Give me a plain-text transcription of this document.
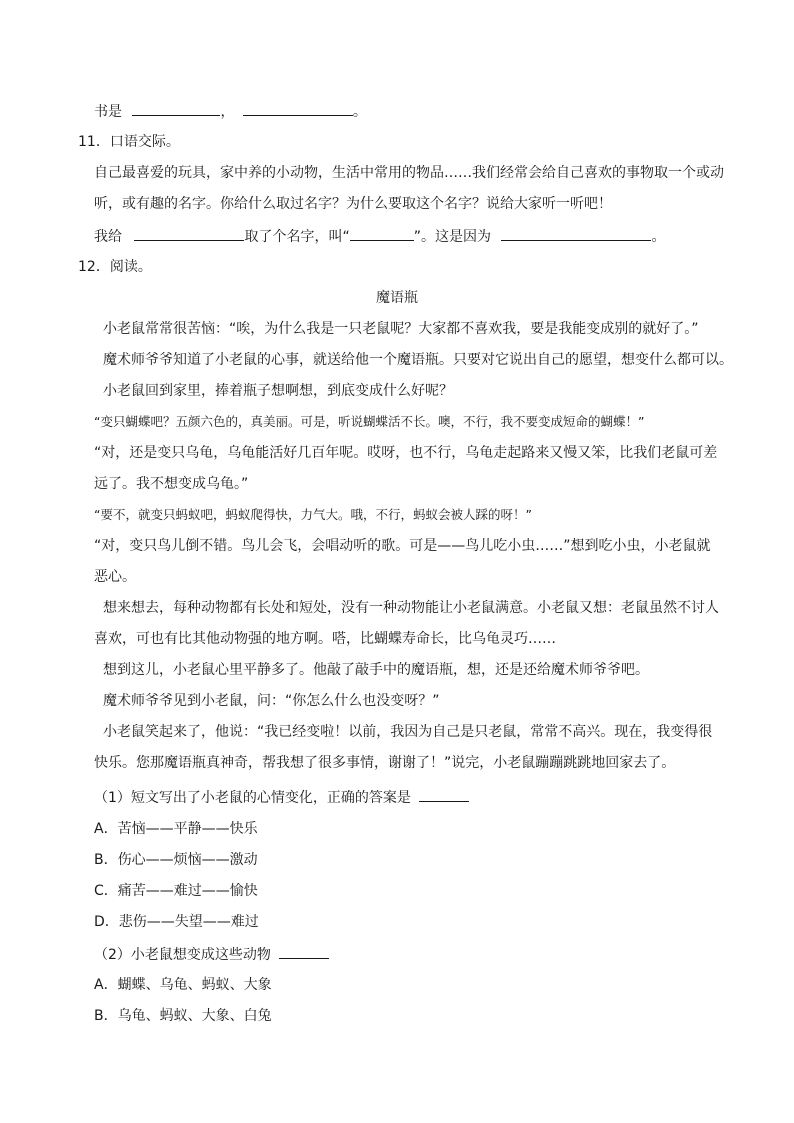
书是	，	。
11．口语交际。
自己最喜爱的玩具，家中养的小动物，生活中常用的物品……我们经常会给自己喜欢的事物取一个或动
听，或有趣的名字。你给什么取过名字？为什么要取这个名字？说给大家听一听吧！
我给	取了个名字，叫“	”。这是因为	。
12．阅读。
魔语瓶
小老鼠常常很苦恼：“唉，为什么我是一只老鼠呢？大家都不喜欢我，要是我能变成别的就好了。”
魔术师爷爷知道了小老鼠的心事，就送给他一个魔语瓶。只要对它说出自己的愿望，想变什么都可以。
小老鼠回到家里，捧着瓶子想啊想，到底变成什么好呢？
“变只蝴蝶吧？五颜六色的，真美丽。可是，听说蝴蝶活不长。噢，不行，我不要变成短命的蝴蝶！”
“对，还是变只乌龟，乌龟能活好几百年呢。哎呀，也不行，乌龟走起路来又慢又笨，比我们老鼠可差
远了。我不想变成乌龟。”
“要不，就变只蚂蚁吧，蚂蚁爬得快，力气大。哦，不行，蚂蚁会被人踩的呀！”
“对，变只鸟儿倒不错。鸟儿会飞，会唱动听的歌。可是——鸟儿吃小虫……”想到吃小虫，小老鼠就
恶心。
想来想去，每种动物都有长处和短处，没有一种动物能让小老鼠满意。小老鼠又想：老鼠虽然不讨人
喜欢，可也有比其他动物强的地方啊。嗒，比蝴蝶寿命长，比乌龟灵巧……
想到这儿，小老鼠心里平静多了。他敲了敲手中的魔语瓶，想，还是还给魔术师爷爷吧。
魔术师爷爷见到小老鼠，问：“你怎么什么也没变呀？”
小老鼠笑起来了，他说：“我已经变啦！以前，我因为自己是只老鼠，常常不高兴。现在，我变得很
快乐。您那魔语瓶真神奇，帮我想了很多事情，谢谢了！”说完，小老鼠蹦蹦跳跳地回家去了。
（1）短文写出了小老鼠的心情变化，正确的答案是
A．苦恼——平静——快乐
B．伤心——烦恼——激动
C．痛苦——难过——愉快
D．悲伤——失望——难过
（2）小老鼠想变成这些动物
A．蝴蝶、乌龟、蚂蚁、大象
B．乌龟、蚂蚁、大象、白兔
